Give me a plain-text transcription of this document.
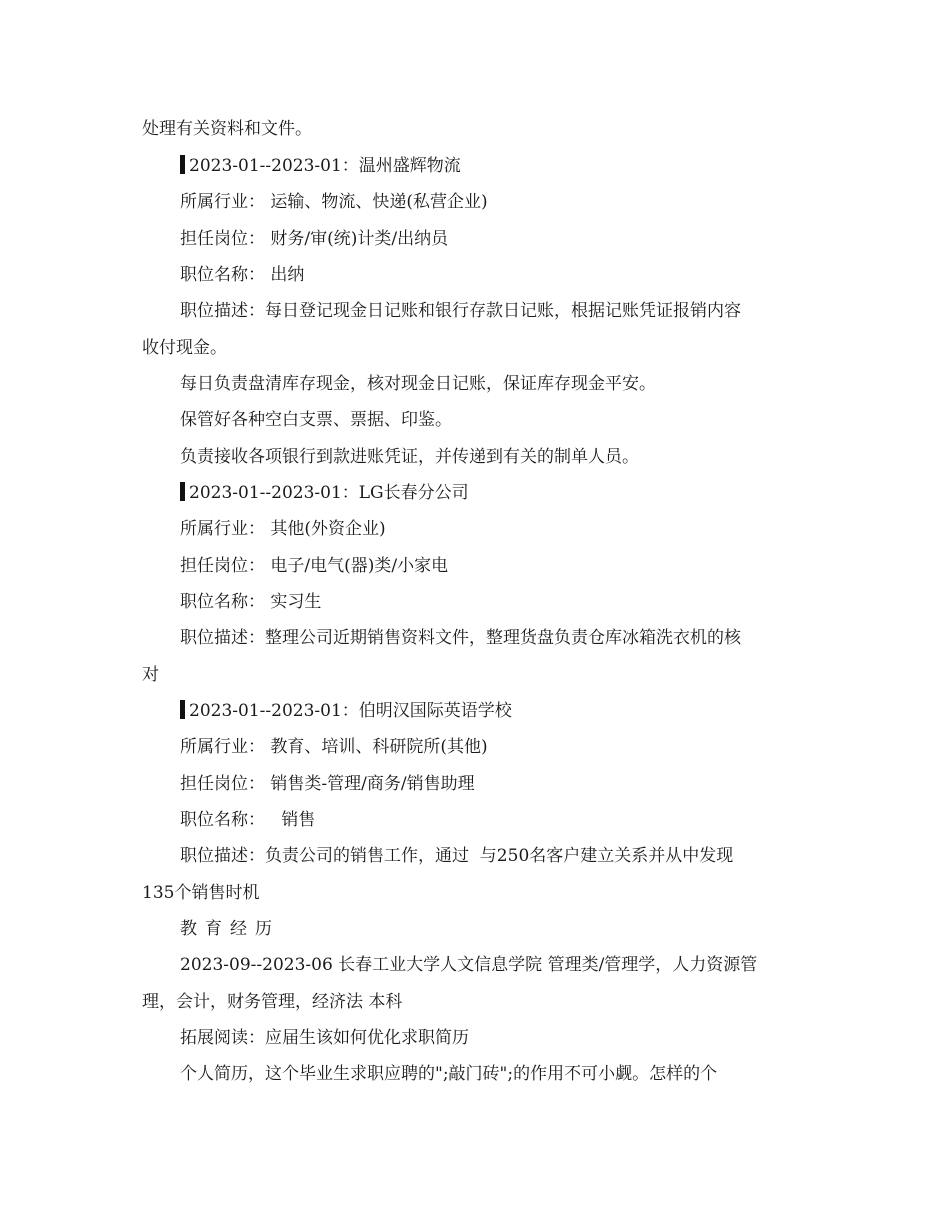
处理有关资料和文件。
2023-01--2023-01：温州盛辉物流
所属行业： 运输、物流、快递(私营企业)
担任岗位： 财务/审(统)计类/出纳员
职位名称： 出纳
职位描述：每日登记现金日记账和银行存款日记账，根据记账凭证报销内容
收付现金。
每日负责盘清库存现金，核对现金日记账，保证库存现金平安。
保管好各种空白支票、票据、印鉴。
负责接收各项银行到款进账凭证，并传递到有关的制单人员。
2023-01--2023-01：LG长春分公司
所属行业： 其他(外资企业)
担任岗位： 电子/电气(器)类/小家电
职位名称： 实习生
职位描述：整理公司近期销售资料文件，整理货盘负责仓库冰箱洗衣机的核
对
2023-01--2023-01：伯明汉国际英语学校
所属行业： 教育、培训、科研院所(其他)
担任岗位： 销售类-管理/商务/销售助理
职位名称：   销售
职位描述：负责公司的销售工作，通过  与250名客户建立关系并从中发现
135个销售时机
教育经历
2023-09--2023-06 长春工业大学人文信息学院 管理类/管理学，人力资源管
理，会计，财务管理，经济法 本科
拓展阅读：应届生该如何优化求职简历
个人简历，这个毕业生求职应聘的";敲门砖";的作用不可小觑。怎样的个
